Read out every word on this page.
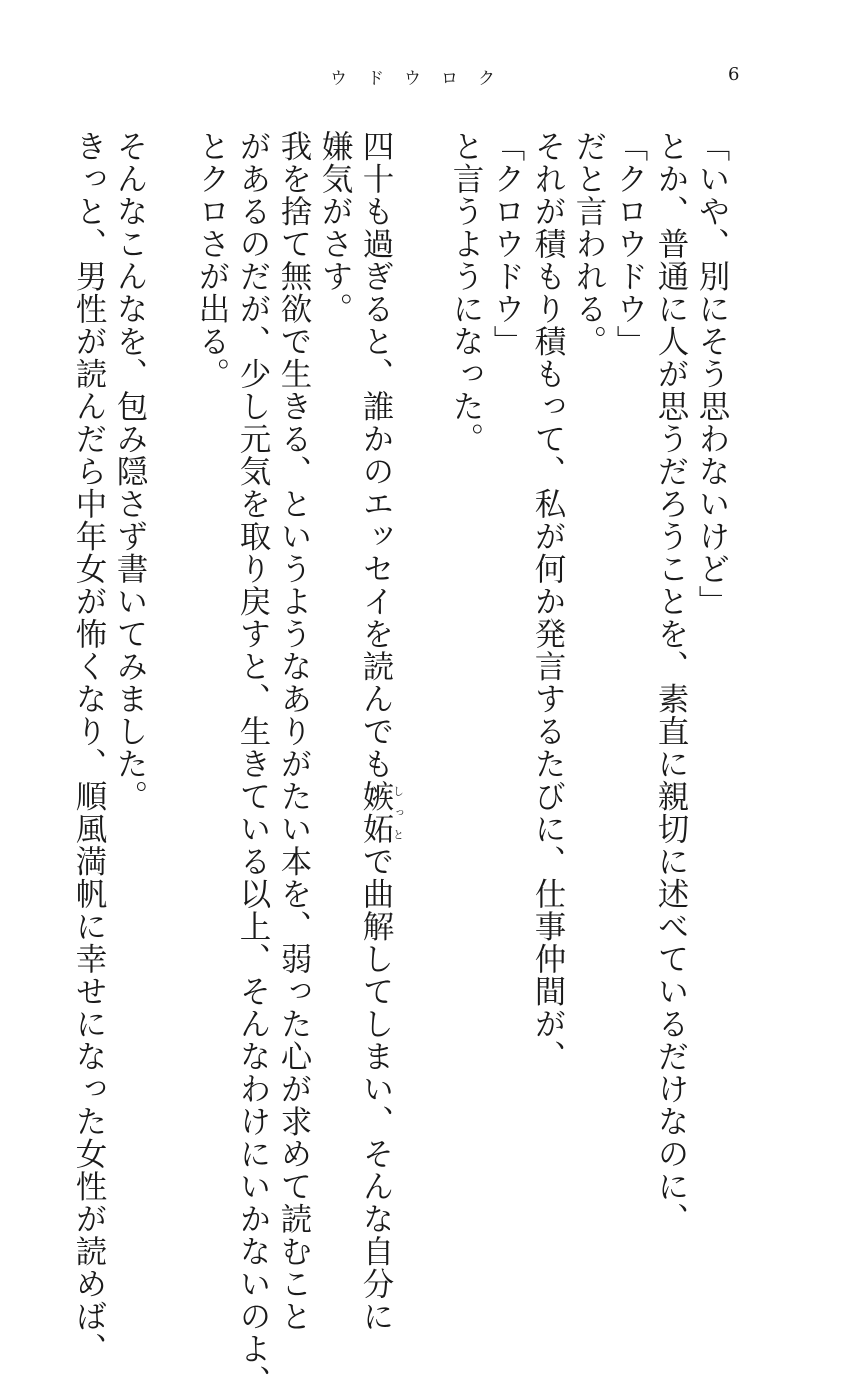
ウドウロク	6

「いや、別にそう思わないけど」

とか、普通に人が思うだろうことを、素直に親切に述べているだけなのに、

「クロウドウ」

だと言われる。

それが積もり積もって、私が何か発言するたびに、仕事仲間が、

「クロウドウ」

と言うようになった。

四十も過ぎると、誰かのエッセイを読んでも嫉妬しっとで曲解してしまい、そんな自分に

嫌気がさす。

我を捨て無欲で生きる、というようなありがたい本を、弱った心が求めて読むこと

があるのだが、少し元気を取り戻すと、生きている以上、そんなわけにいかないのよ、

とクロさが出る。

そんなこんなを、包み隠さず書いてみました。

きっと、男性が読んだら中年女が怖くなり、順風満帆に幸せになった女性が読めば、
